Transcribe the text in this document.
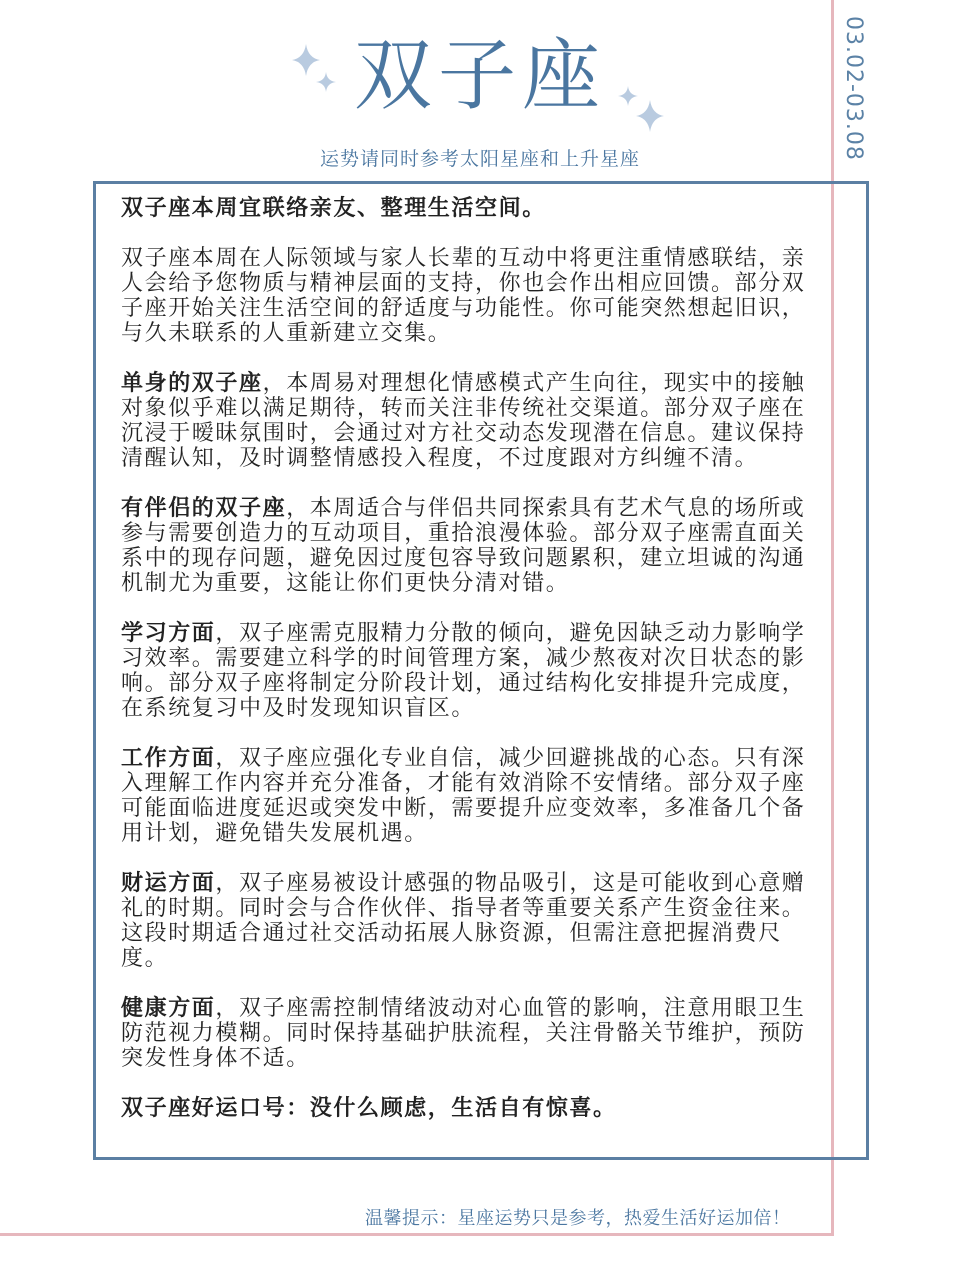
03.02-03.08
双子座
运势请同时参考太阳星座和上升星座

双子座本周宜联络亲友、整理生活空间。

双子座本周在人际领域与家人长辈的互动中将更注重情感联结，亲人会给予您物质与精神层面的支持，你也会作出相应回馈。部分双子座开始关注生活空间的舒适度与功能性。你可能突然想起旧识，与久未联系的人重新建立交集。

单身的双子座，本周易对理想化情感模式产生向往，现实中的接触对象似乎难以满足期待，转而关注非传统社交渠道。部分双子座在沉浸于暧昧氛围时，会通过对方社交动态发现潜在信息。建议保持清醒认知，及时调整情感投入程度，不过度跟对方纠缠不清。

有伴侣的双子座，本周适合与伴侣共同探索具有艺术气息的场所或参与需要创造力的互动项目，重拾浪漫体验。部分双子座需直面关系中的现存问题，避免因过度包容导致问题累积，建立坦诚的沟通机制尤为重要，这能让你们更快分清对错。

学习方面，双子座需克服精力分散的倾向，避免因缺乏动力影响学习效率。需要建立科学的时间管理方案，减少熬夜对次日状态的影响。部分双子座将制定分阶段计划，通过结构化安排提升完成度，在系统复习中及时发现知识盲区。

工作方面，双子座应强化专业自信，减少回避挑战的心态。只有深入理解工作内容并充分准备，才能有效消除不安情绪。部分双子座可能面临进度延迟或突发中断，需要提升应变效率，多准备几个备用计划，避免错失发展机遇。

财运方面，双子座易被设计感强的物品吸引，这是可能收到心意赠礼的时期。同时会与合作伙伴、指导者等重要关系产生资金往来。这段时期适合通过社交活动拓展人脉资源，但需注意把握消费尺度。

健康方面，双子座需控制情绪波动对心血管的影响，注意用眼卫生防范视力模糊。同时保持基础护肤流程，关注骨骼关节维护，预防突发性身体不适。

双子座好运口号：没什么顾虑，生活自有惊喜。

温馨提示：星座运势只是参考，热爱生活好运加倍！
